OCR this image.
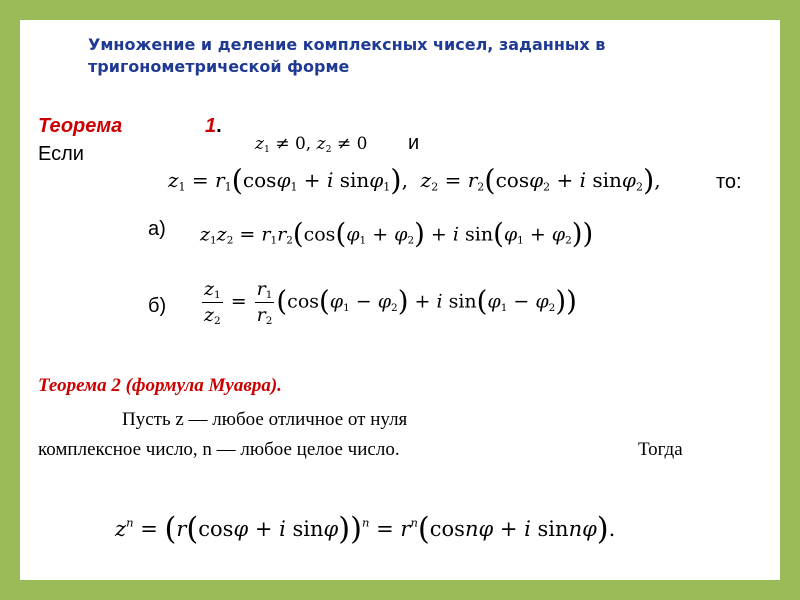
Умножение и деление комплексных чисел, заданных в тригонометрической форме
Теорема	1.
Если	$z_1 \ne 0$, $z_2 \ne 0$ и
$z_1 = r_1(\cos\varphi_1 + i$ sinφ$_1$),  $z_2 = r_2(\cos\varphi_2 + i$ sinφ$_2$),	то:
а) $z_1z_2 = r_1r_2(\cos(\varphi_1 + \varphi_2) + i$ $\sin(\varphi_1 + \varphi_2)$)
$б) \frac{z_1}{z_2} = \frac{r_1}{r_2} (\cos(\varphi_1 - \varphi_2) + i$ $\sin(\varphi_1 - \varphi_2)$)
Теорема 2 (формула Муавра).
Пусть z — любое отличное от нуля
комплексное число, n — любое целое число.	Тогда
$z^n = (r(\cos\varphi + i$ $\sin\varphi))^n = r^n(\cos n\varphi + i$ sinnφ).
